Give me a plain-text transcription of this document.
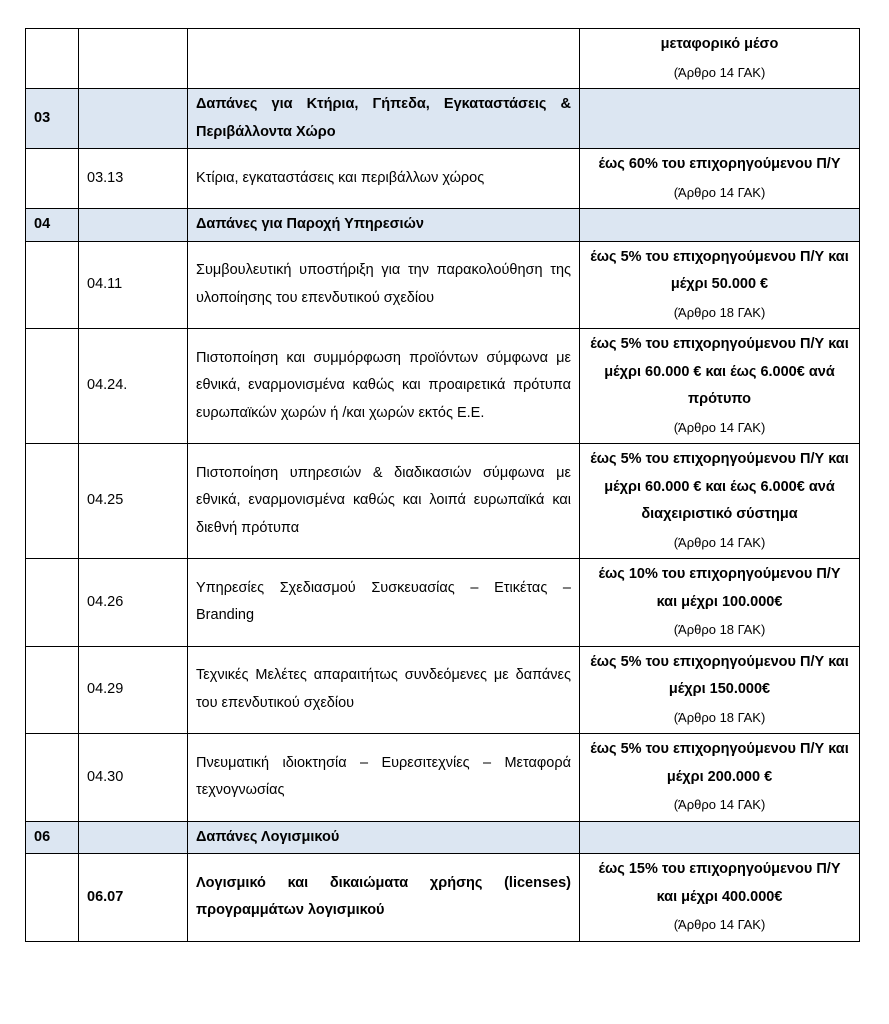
			μεταφορικό μέσο
(Άρθρο 14 ΓΑΚ)

03		Δαπάνες για Κτήρια, Γήπεδα, Εγκαταστάσεις & Περιβάλλοντα Χώρο	
	03.13	Κτίρια, εγκαταστάσεις και περιβάλλων χώρος	έως 60% του επιχορηγούμενου Π/Υ
(Άρθρο 14 ΓΑΚ)

04		Δαπάνες για Παροχή Υπηρεσιών	
	04.11	Συμβουλευτική υποστήριξη για την παρακολούθηση της υλοποίησης του επενδυτικού σχεδίου	έως 5% του επιχορηγούμενου Π/Υ και μέχρι 50.000 €
(Άρθρο 18 ΓΑΚ)

	04.24.	Πιστοποίηση και συμμόρφωση προϊόντων σύμφωνα με εθνικά, εναρμονισμένα καθώς και προαιρετικά πρότυπα ευρωπαϊκών χωρών ή /και χωρών εκτός Ε.Ε.	έως 5% του επιχορηγούμενου Π/Υ και μέχρι 60.000 € και έως 6.000€ ανά πρότυπο
(Άρθρο 14 ΓΑΚ)

	04.25	Πιστοποίηση υπηρεσιών & διαδικασιών σύμφωνα με εθνικά, εναρμονισμένα καθώς και λοιπά ευρωπαϊκά και διεθνή πρότυπα	έως 5% του επιχορηγούμενου Π/Υ και μέχρι 60.000 € και έως 6.000€ ανά διαχειριστικό σύστημα
(Άρθρο 14 ΓΑΚ)

	04.26	Υπηρεσίες Σχεδιασμού Συσκευασίας – Ετικέτας – Branding	έως 10% του επιχορηγούμενου Π/Υ και μέχρι 100.000€
(Άρθρο 18 ΓΑΚ)

	04.29	Τεχνικές Μελέτες απαραιτήτως συνδεόμενες με δαπάνες του επενδυτικού σχεδίου	έως 5% του επιχορηγούμενου Π/Υ και μέχρι 150.000€
(Άρθρο 18 ΓΑΚ)

	04.30	Πνευματική ιδιοκτησία – Ευρεσιτεχνίες – Μεταφορά τεχνογνωσίας	έως 5% του επιχορηγούμενου Π/Υ και μέχρι 200.000 €
(Άρθρο 14 ΓΑΚ)

06		Δαπάνες Λογισμικού	
	06.07	Λογισμικό και δικαιώματα χρήσης (licenses) προγραμμάτων λογισμικού	έως 15% του επιχορηγούμενου Π/Υ και μέχρι 400.000€
(Άρθρο 14 ΓΑΚ)
